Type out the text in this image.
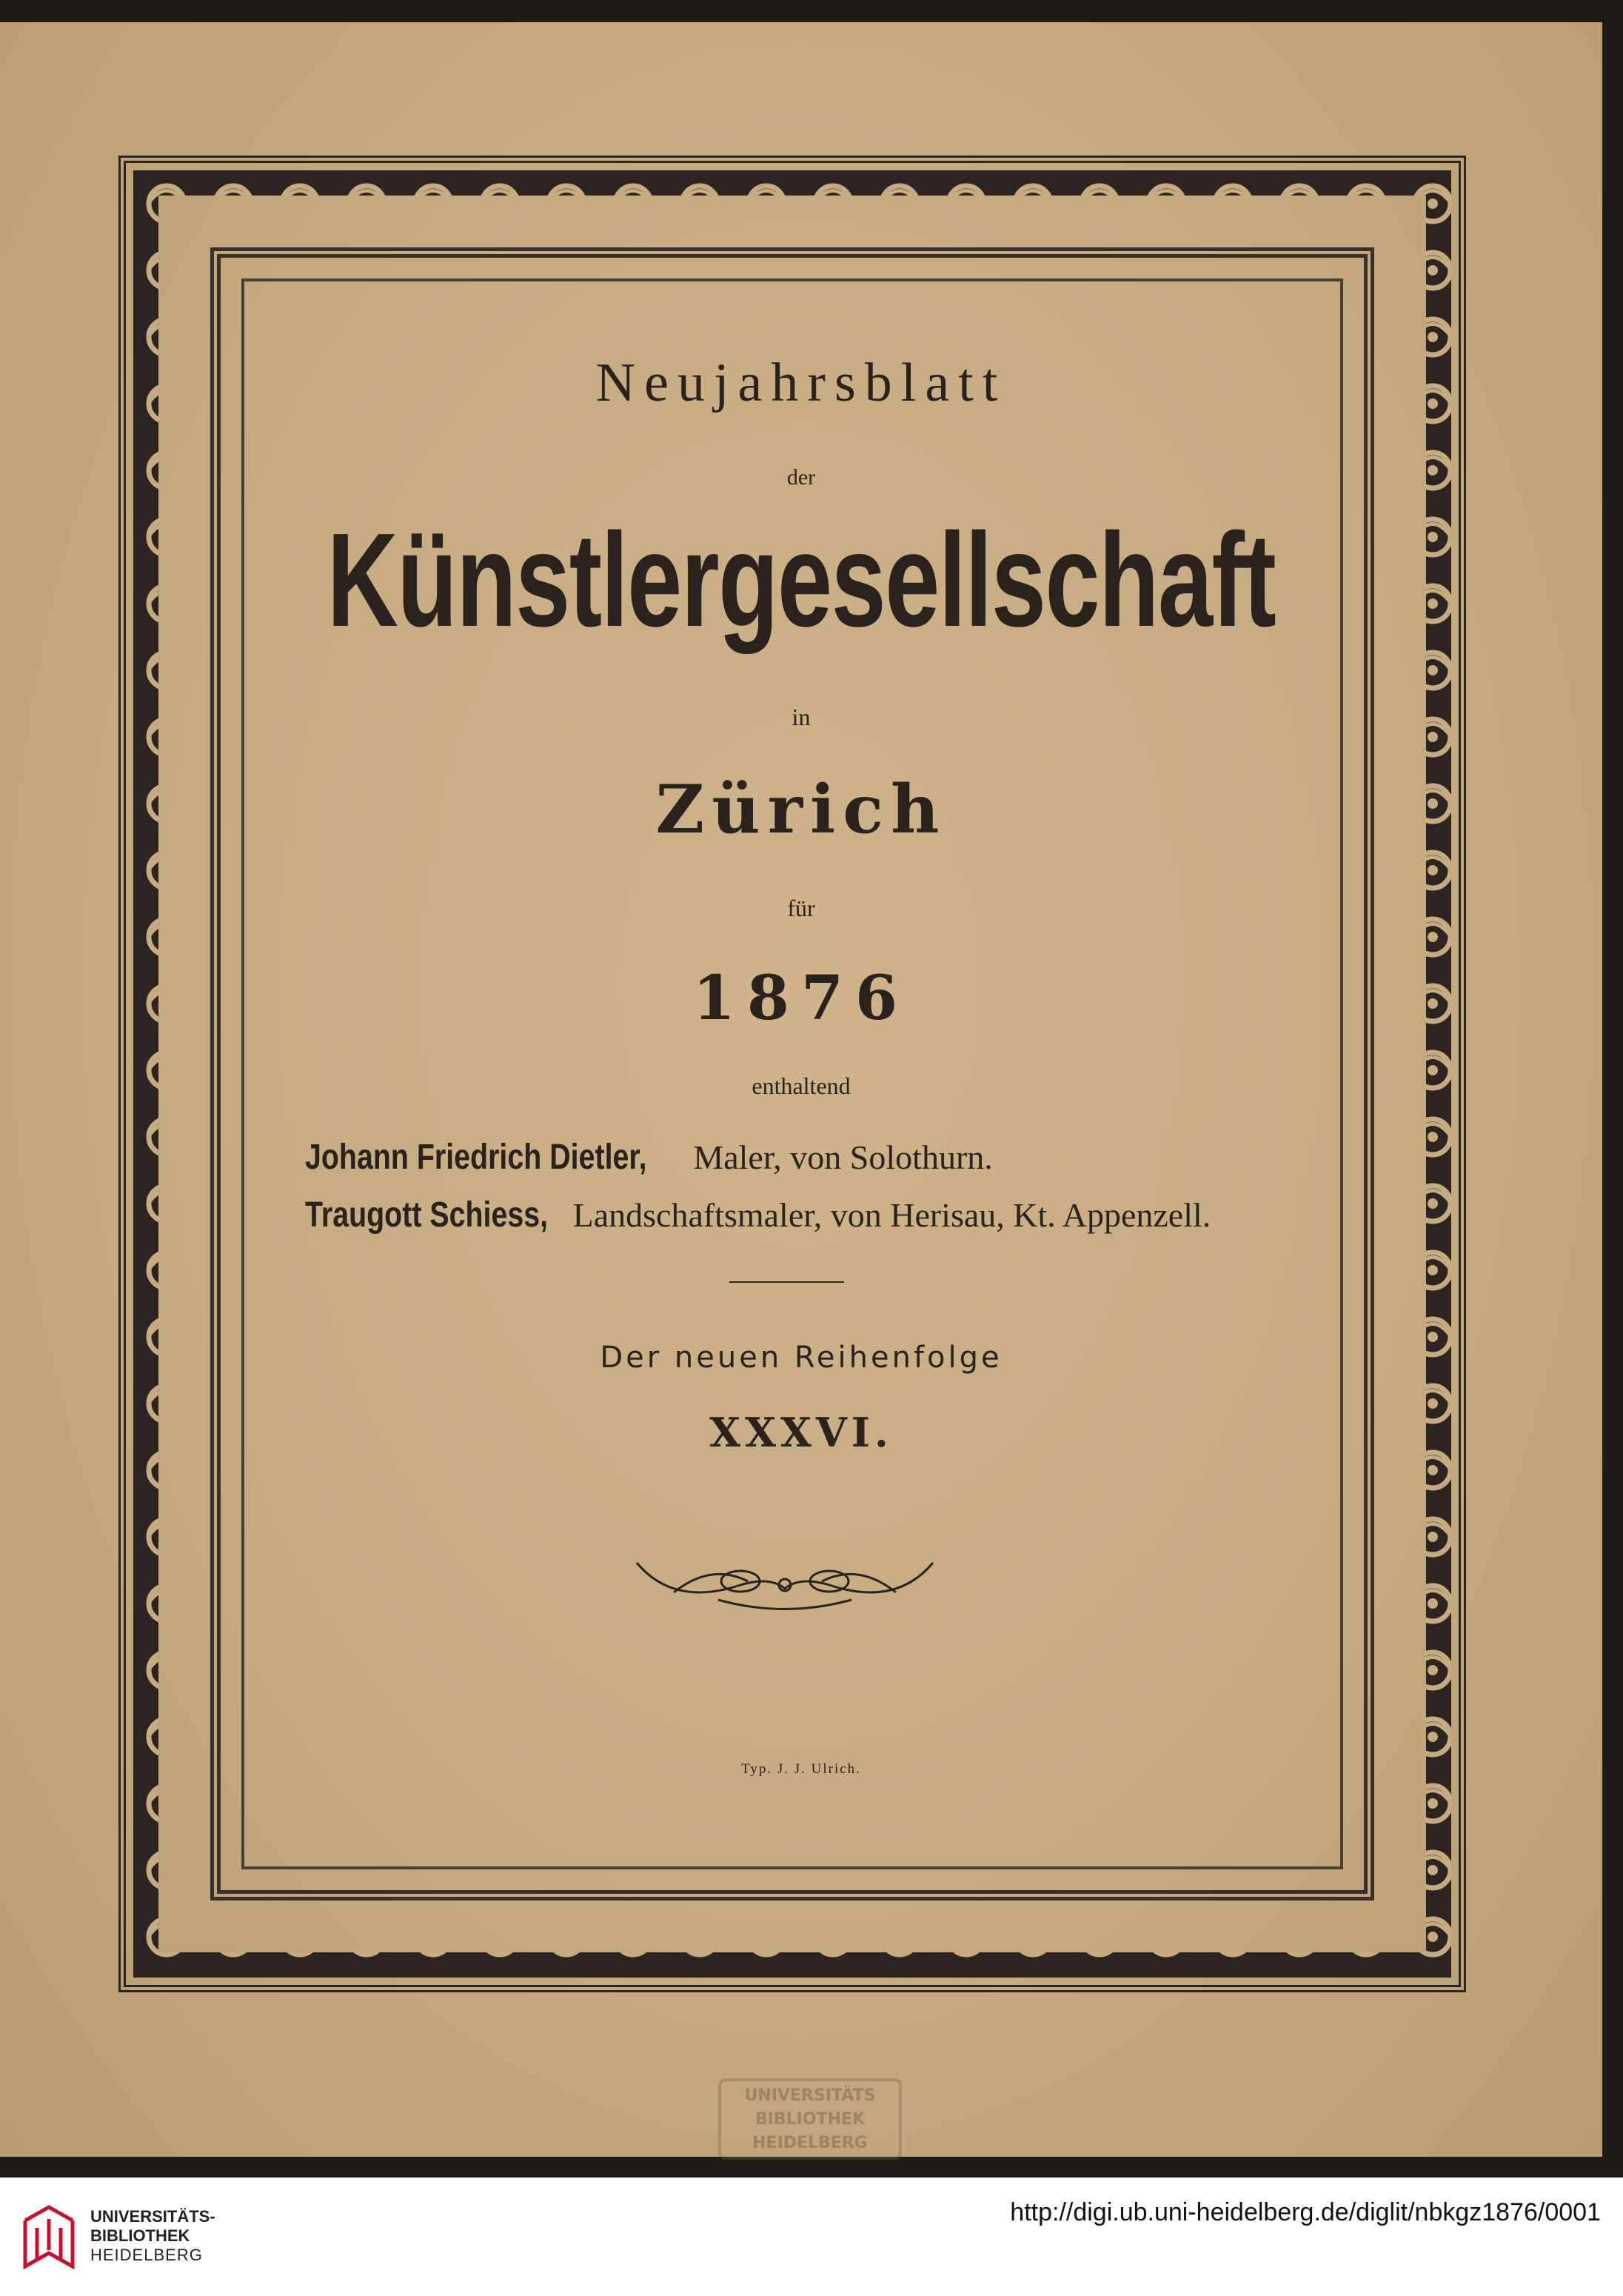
Neujahrsblatt
der
Künstlergesellschaft
in
Zürich
für
1876
enthaltend
Johann Friedrich Dietler, Maler, von Solothurn.
Traugott Schiess, Landschaftsmaler, von Herisau, Kt. Appenzell.
Der neuen Reihenfolge
XXXVI.
Typ. J. J. Ulrich.
UNIVERSITÄTS
BIBLIOTHEK
HEIDELBERG
UNIVERSITÄTS-
BIBLIOTHEK
HEIDELBERG
http://digi.ub.uni-heidelberg.de/diglit/nbkgz1876/0001
